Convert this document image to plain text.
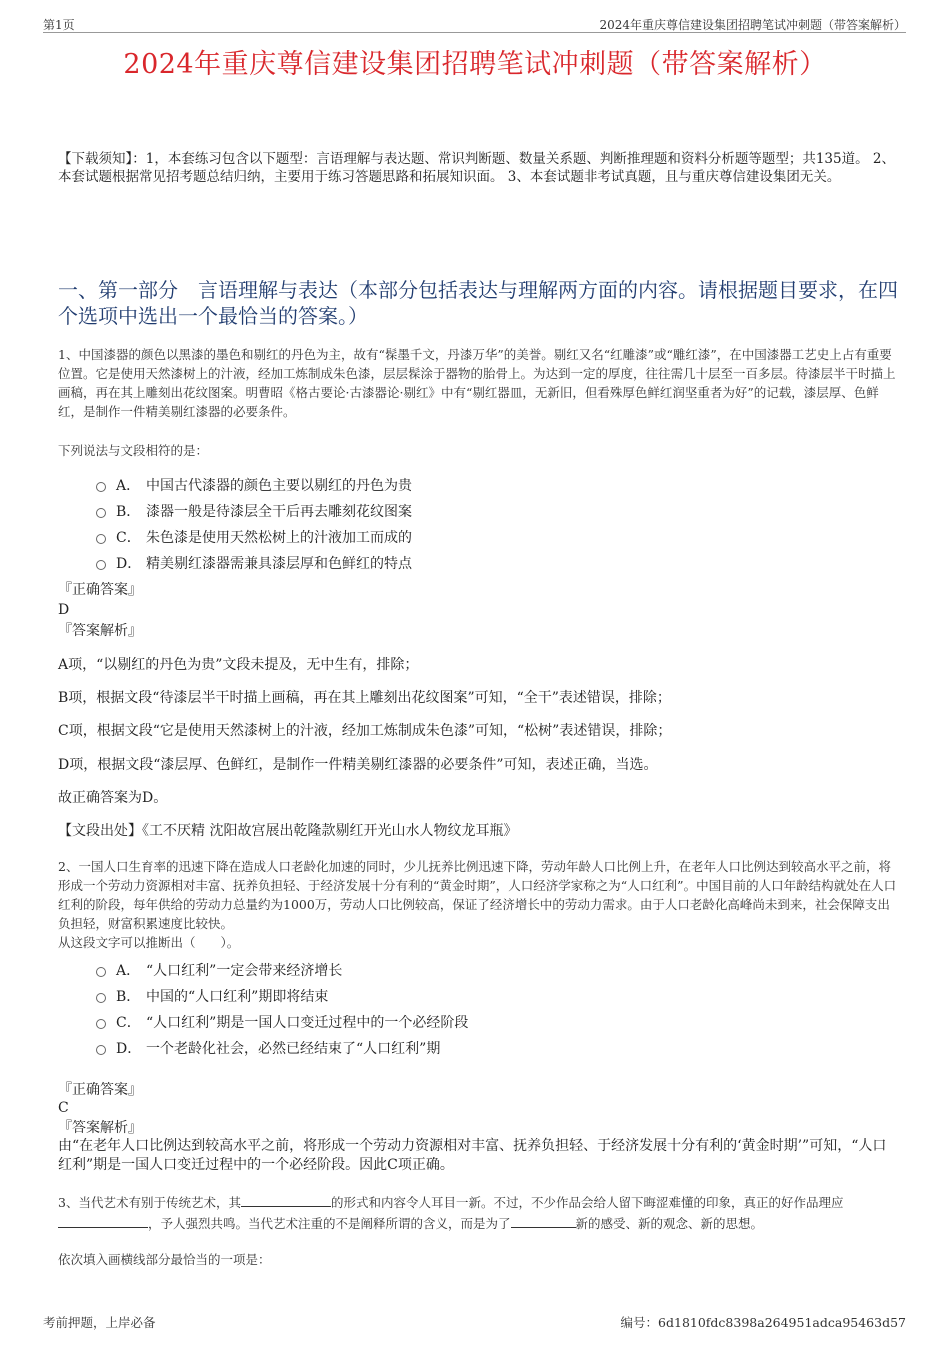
第1页	2024年重庆尊信建设集团招聘笔试冲刺题（带答案解析）
2024年重庆尊信建设集团招聘笔试冲刺题（带答案解析）
【下载须知】：1，本套练习包含以下题型：言语理解与表达题、常识判断题、数量关系题、判断推理题和资料分析题等题型；共135道。 2、本套试题根据常见招考题总结归纳，主要用于练习答题思路和拓展知识面。 3、本套试题非考试真题，且与重庆尊信建设集团无关。
一、第一部分　言语理解与表达（本部分包括表达与理解两方面的内容。请根据题目要求，在四个选项中选出一个最恰当的答案。）
1、中国漆器的颜色以黑漆的墨色和剔红的丹色为主，故有“髹墨千文，丹漆万华”的美誉。剔红又名“红雕漆”或“雕红漆”，在中国漆器工艺史上占有重要位置。它是使用天然漆树上的汁液，经加工炼制成朱色漆，层层髹涂于器物的胎骨上。为达到一定的厚度，往往需几十层至一百多层。待漆层半干时描上画稿，再在其上雕刻出花纹图案。明曹昭《格古要论·古漆器论·剔红》中有“剔红器皿，无新旧，但看殊厚色鲜红润坚重者为好”的记载，漆层厚、色鲜红，是制作一件精美剔红漆器的必要条件。
下列说法与文段相符的是：
A． 中国古代漆器的颜色主要以剔红的丹色为贵
B． 漆器一般是待漆层全干后再去雕刻花纹图案
C． 朱色漆是使用天然松树上的汁液加工而成的
D． 精美剔红漆器需兼具漆层厚和色鲜红的特点
『正确答案』
D
『答案解析』
A项，“以剔红的丹色为贵”文段未提及，无中生有，排除；
B项，根据文段“待漆层半干时描上画稿，再在其上雕刻出花纹图案”可知，“全干”表述错误，排除；
C项，根据文段“它是使用天然漆树上的汁液，经加工炼制成朱色漆”可知，“松树”表述错误，排除；
D项，根据文段“漆层厚、色鲜红，是制作一件精美剔红漆器的必要条件”可知，表述正确，当选。
故正确答案为D。
【文段出处】《工不厌精 沈阳故宫展出乾隆款剔红开光山水人物纹龙耳瓶》
2、一国人口生育率的迅速下降在造成人口老龄化加速的同时，少儿抚养比例迅速下降，劳动年龄人口比例上升，在老年人口比例达到较高水平之前，将形成一个劳动力资源相对丰富、抚养负担轻、于经济发展十分有利的“黄金时期”，人口经济学家称之为“人口红利”。中国目前的人口年龄结构就处在人口红利的阶段，每年供给的劳动力总量约为1000万，劳动人口比例较高，保证了经济增长中的劳动力需求。由于人口老龄化高峰尚未到来，社会保障支出负担轻，财富积累速度比较快。
从这段文字可以推断出（　　）。
A． “人口红利”一定会带来经济增长
B． 中国的“人口红利”期即将结束
C． “人口红利”期是一国人口变迁过程中的一个必经阶段
D． 一个老龄化社会，必然已经结束了“人口红利”期
『正确答案』
C
『答案解析』
由“在老年人口比例达到较高水平之前，将形成一个劳动力资源相对丰富、抚养负担轻、于经济发展十分有利的‘黄金时期’”可知，“人口红利”期是一国人口变迁过程中的一个必经阶段。因此C项正确。
3、当代艺术有别于传统艺术，其	的形式和内容令人耳目一新。不过，不少作品会给人留下晦涩难懂的印象，真正的好作品理应，予人强烈共鸣。当代艺术注重的不是阐释所谓的含义，而是为了	新的感受、新的观念、新的思想。
依次填入画横线部分最恰当的一项是：
考前押题，上岸必备	编号：6d1810fdc8398a264951adca95463d57
